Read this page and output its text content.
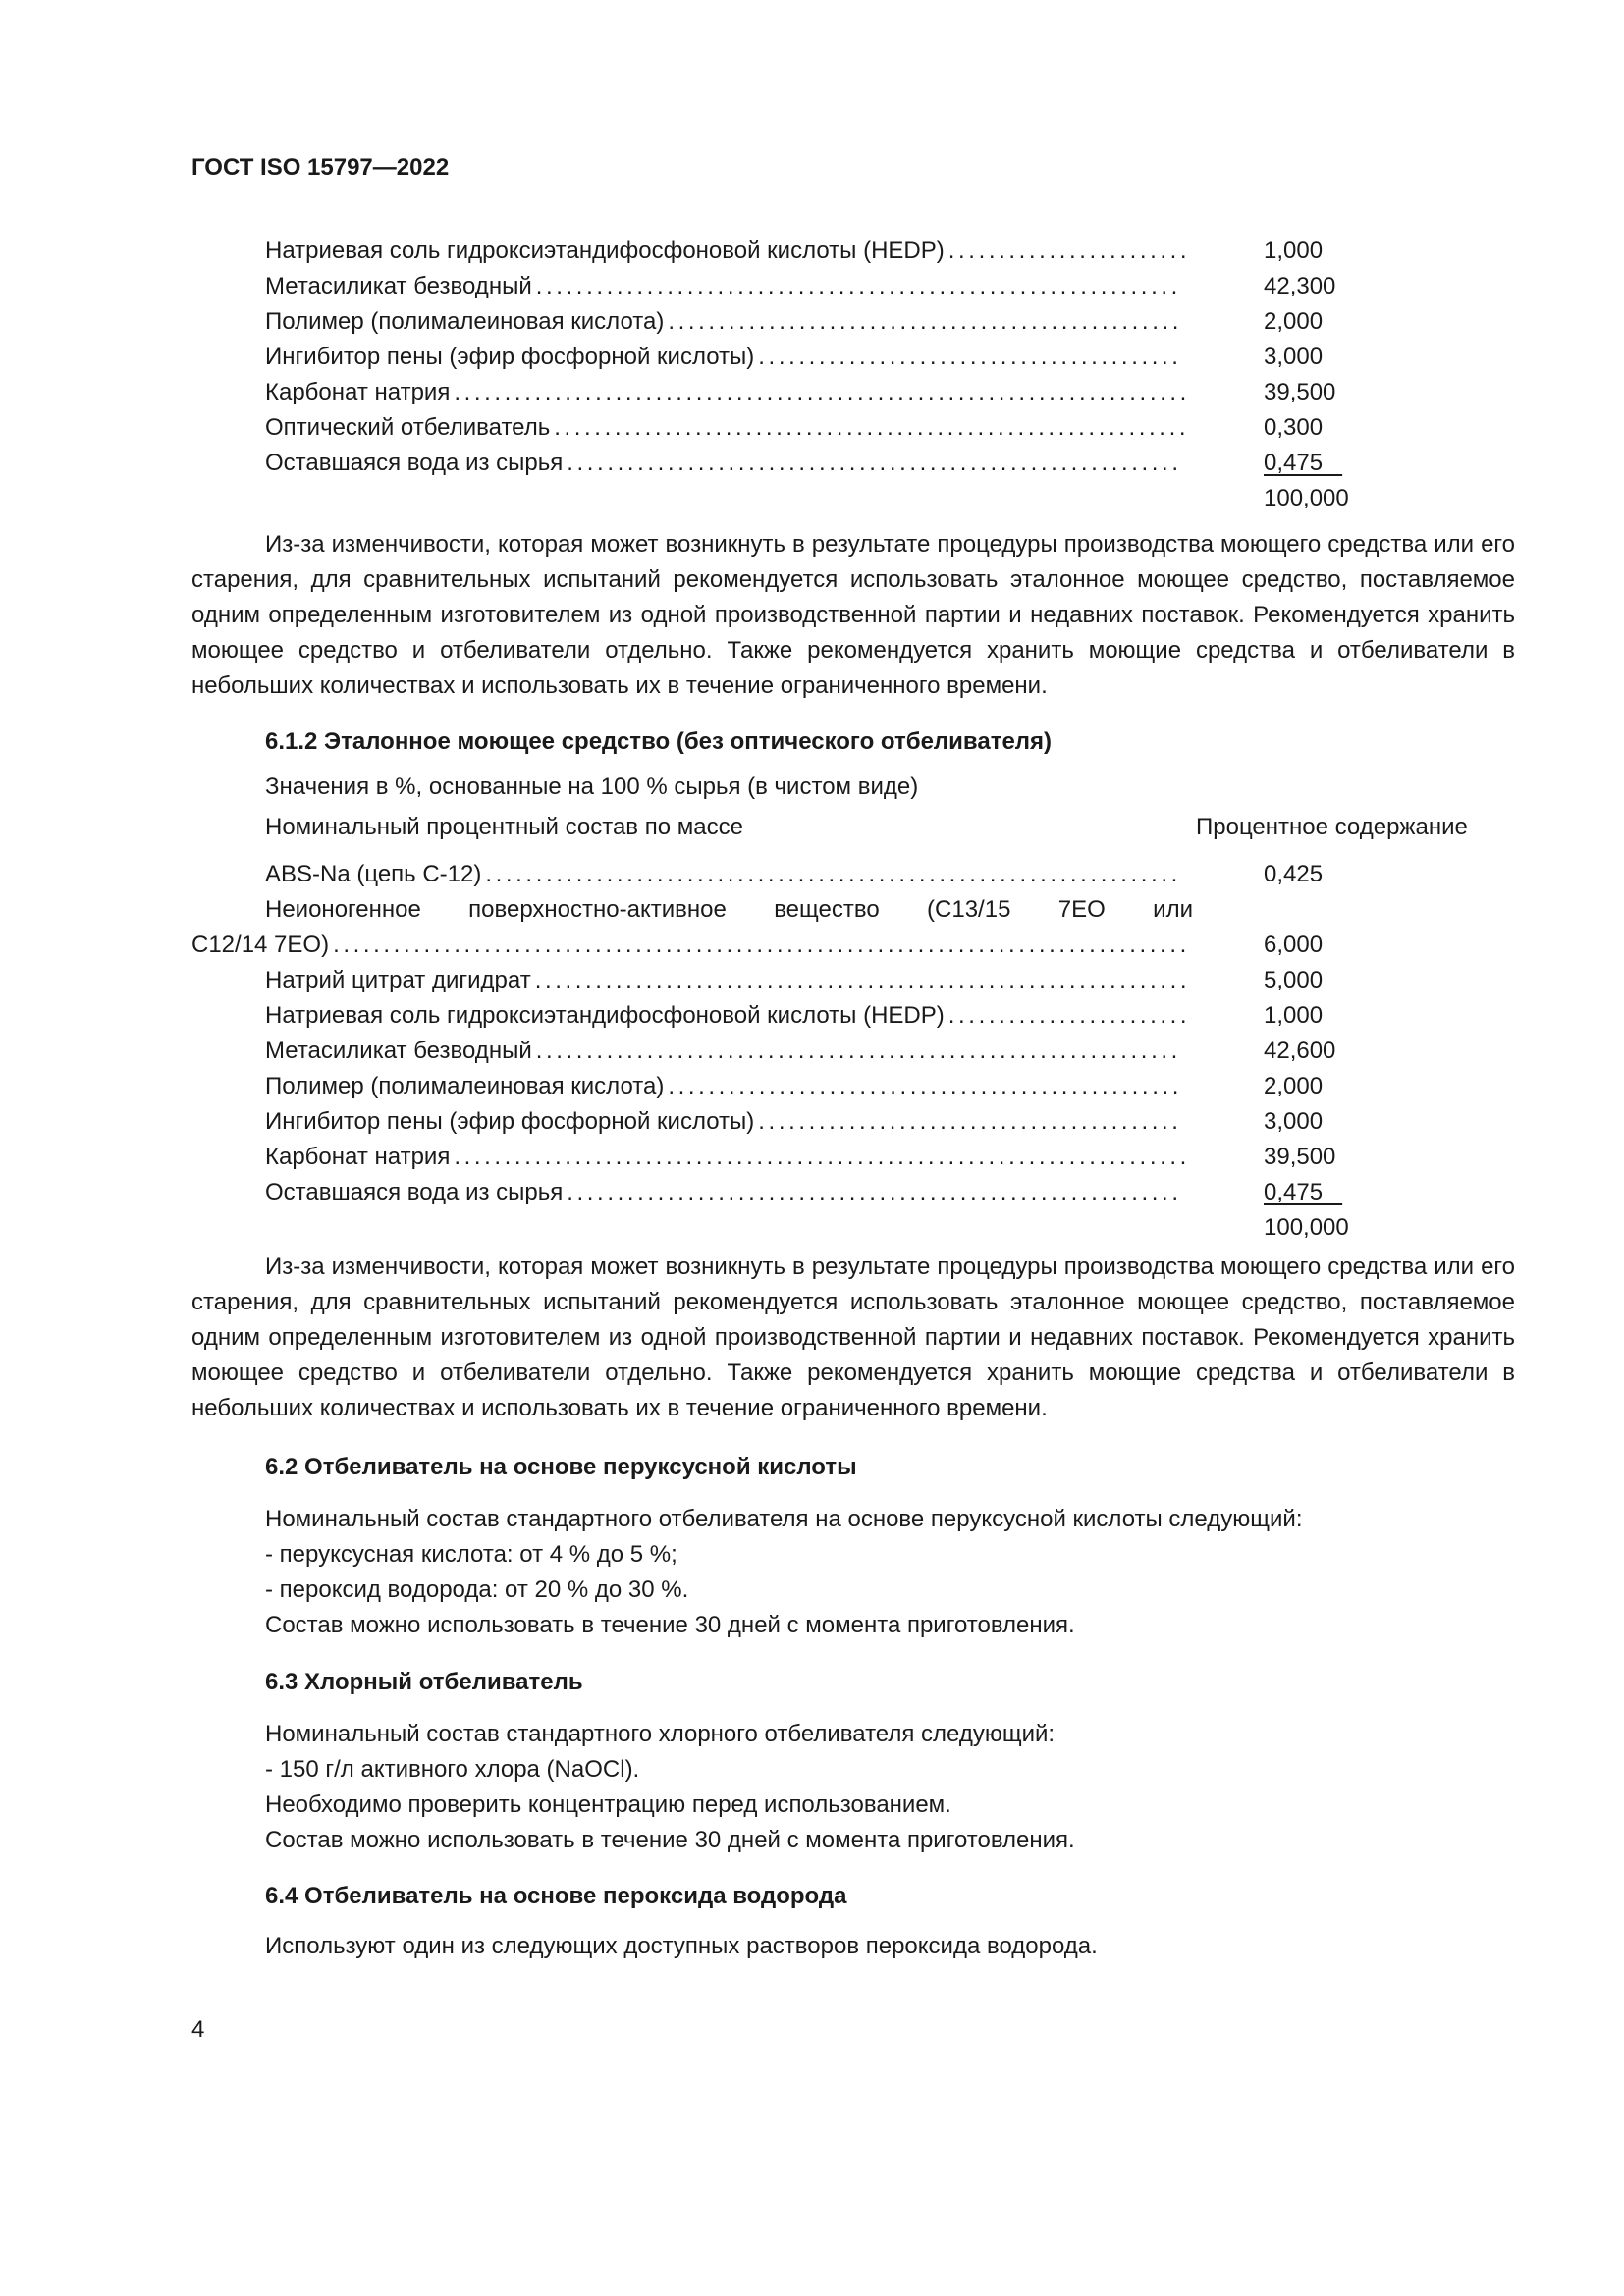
ГОСТ ISO 15797—2022
Натриевая соль гидроксиэтандифосфоновой кислоты (HEDP) ........................	1,000
Метасиликат безводный ................................................................	42,300
Полимер (полималеиновая кислота) ...................................................	2,000
Ингибитор пены (эфир фосфорной кислоты) ..........................................	3,000
Карбонат натрия .........................................................................	39,500
Оптический отбеливатель ...............................................................	0,300
Оставшаяся вода из сырья .............................................................	0,475
100,000
Из-за изменчивости, которая может возникнуть в результате процедуры производства моющего средства или его старения, для сравнительных испытаний рекомендуется использовать эталонное моющее средство, поставляемое одним определенным изготовителем из одной производственной партии и недавних поставок. Рекомендуется хранить моющее средство и отбеливатели отдельно. Также рекомендуется хранить моющие средства и отбеливатели в небольших количествах и использовать их в течение ограниченного времени.
6.1.2 Эталонное моющее средство (без оптического отбеливателя)
Значения в %, основанные на 100 % сырья (в чистом виде)
Номинальный процентный состав по массе	Процентное содержание
ABS-Na (цепь C-12) .....................................................................	0,425
Неионогенное поверхностно-активное вещество (C13/15 7EO или
C12/14 7EO) .....................................................................................	6,000
Натрий цитрат дигидрат .................................................................	5,000
Натриевая соль гидроксиэтандифосфоновой кислоты (HEDP) ........................	1,000
Метасиликат безводный ................................................................	42,600
Полимер (полималеиновая кислота) ...................................................	2,000
Ингибитор пены (эфир фосфорной кислоты) ..........................................	3,000
Карбонат натрия .........................................................................	39,500
Оставшаяся вода из сырья .............................................................	0,475
100,000
Из-за изменчивости, которая может возникнуть в результате процедуры производства моющего средства или его старения, для сравнительных испытаний рекомендуется использовать эталонное моющее средство, поставляемое одним определенным изготовителем из одной производственной партии и недавних поставок. Рекомендуется хранить моющее средство и отбеливатели отдельно. Также рекомендуется хранить моющие средства и отбеливатели в небольших количествах и использовать их в течение ограниченного времени.
6.2 Отбеливатель на основе перуксусной кислоты
Номинальный состав стандартного отбеливателя на основе перуксусной кислоты следующий:
- перуксусная кислота: от 4 % до 5 %;
- пероксид водорода: от 20 % до 30 %.
Состав можно использовать в течение 30 дней с момента приготовления.
6.3 Хлорный отбеливатель
Номинальный состав стандартного хлорного отбеливателя следующий:
- 150 г/л активного хлора (NaOCl).
Необходимо проверить концентрацию перед использованием.
Состав можно использовать в течение 30 дней с момента приготовления.
6.4 Отбеливатель на основе пероксида водорода
Используют один из следующих доступных растворов пероксида водорода.
4
